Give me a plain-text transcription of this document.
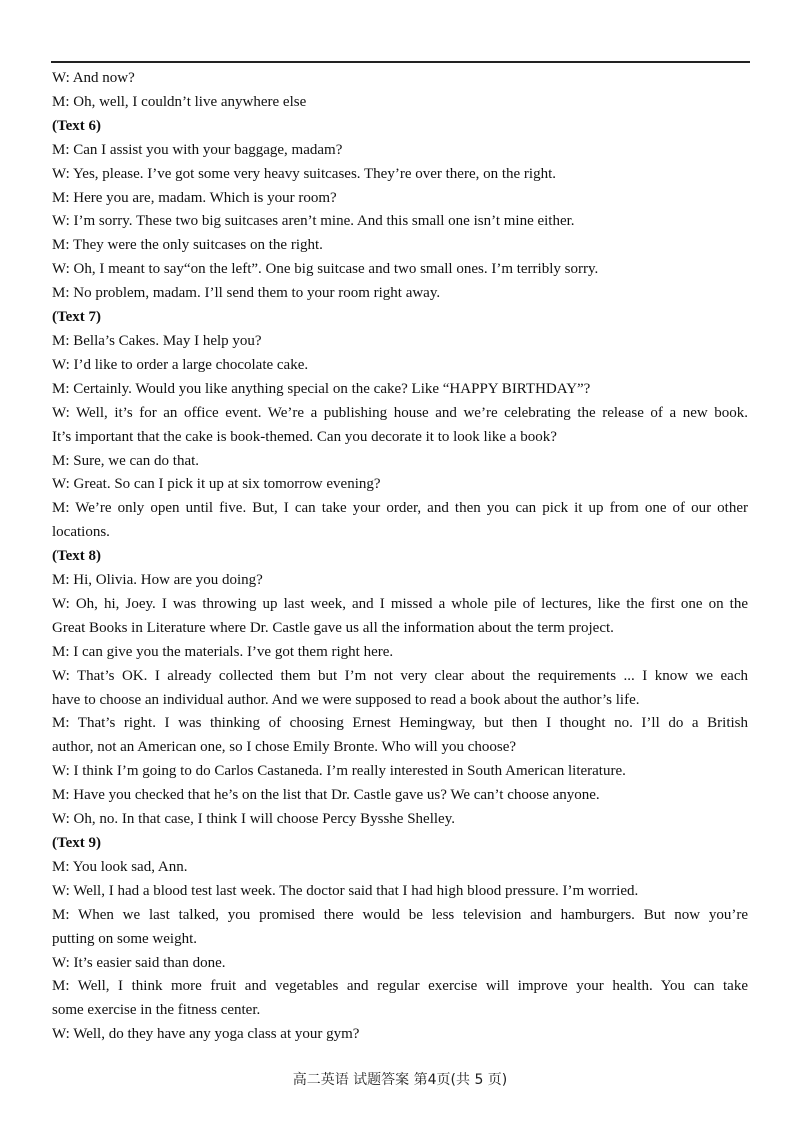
W: And now?
M: Oh, well, I couldn’t live anywhere else
(Text 6)
M: Can I assist you with your baggage, madam?
W: Yes, please. I’ve got some very heavy suitcases. They’re over there, on the right.
M: Here you are, madam. Which is your room?
W: I’m sorry. These two big suitcases aren’t mine. And this small one isn’t mine either.
M: They were the only suitcases on the right.
W: Oh, I meant to say“on the left”. One big suitcase and two small ones. I’m terribly sorry.
M: No problem, madam. I’ll send them to your room right away.
(Text 7)
M: Bella’s Cakes. May I help you?
W: I’d like to order a large chocolate cake.
M: Certainly. Would you like anything special on the cake? Like “HAPPY BIRTHDAY”?
W: Well, it’s for an office event. We’re a publishing house and we’re celebrating the release of a new book.
It’s important that the cake is book-themed. Can you decorate it to look like a book?
M: Sure, we can do that.
W: Great. So can I pick it up at six tomorrow evening?
M: We’re only open until five. But, I can take your order, and then you can pick it up from one of our other
locations.
(Text 8)
M: Hi, Olivia. How are you doing?
W: Oh, hi, Joey. I was throwing up last week, and I missed a whole pile of lectures, like the first one on the
Great Books in Literature where Dr. Castle gave us all the information about the term project.
M: I can give you the materials. I’ve got them right here.
W: That’s OK. I already collected them but I’m not very clear about the requirements ... I know we each
have to choose an individual author. And we were supposed to read a book about the author’s life.
M: That’s right. I was thinking of choosing Ernest Hemingway, but then I thought no. I’ll do a British
author, not an American one, so I chose Emily Bronte. Who will you choose?
W: I think I’m going to do Carlos Castaneda. I’m really interested in South American literature.
M: Have you checked that he’s on the list that Dr. Castle gave us? We can’t choose anyone.
W: Oh, no. In that case, I think I will choose Percy Bysshe Shelley.
(Text 9)
M: You look sad, Ann.
W: Well, I had a blood test last week. The doctor said that I had high blood pressure. I’m worried.
M: When we last talked, you promised there would be less television and hamburgers. But now you’re
putting on some weight.
W: It’s easier said than done.
M: Well, I think more fruit and vegetables and regular exercise will improve your health. You can take
some exercise in the fitness center.
W: Well, do they have any yoga class at your gym?
高二英语 试题答案 第4页(共 5 页)
